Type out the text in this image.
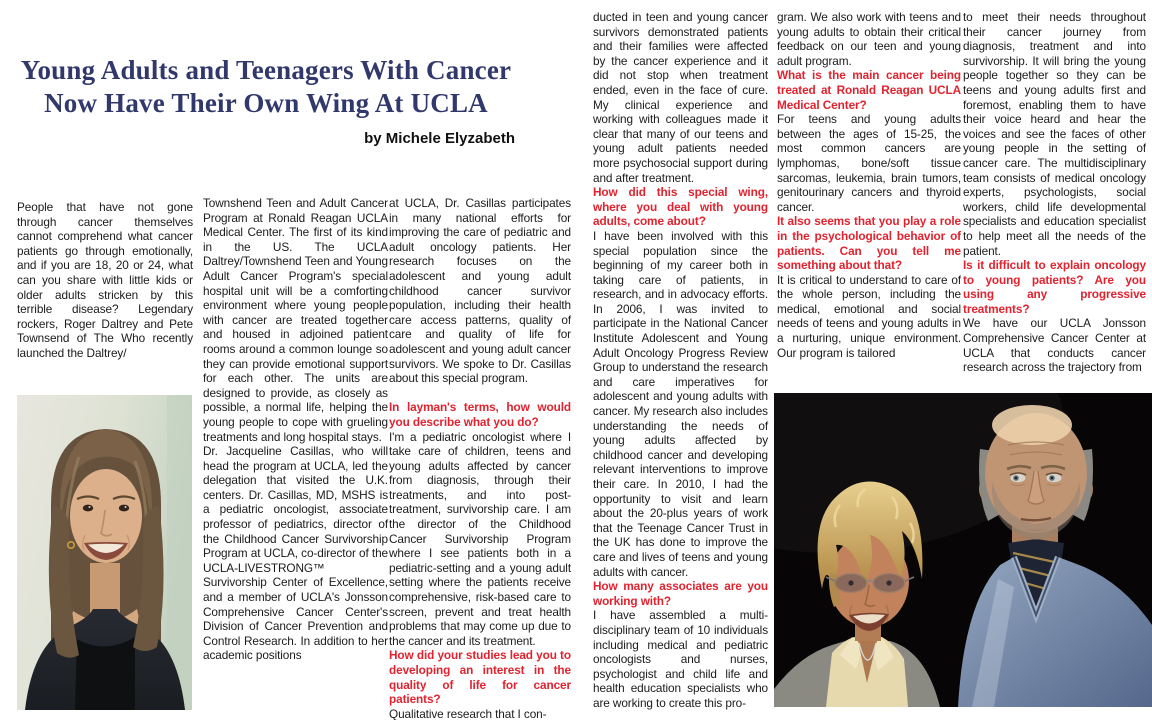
Young Adults and Teenagers With Cancer
Now Have Their Own Wing At UCLA
by Michele Elyzabeth

People that have not gone through cancer themselves cannot comprehend what cancer patients go through emotionally, and if you are 18, 20 or 24, what can you share with little kids or older adults stricken by this terrible disease? Legendary rockers, Roger Daltrey and Pete Townsend of The Who recently launched the Daltrey/

Townshend Teen and Adult Cancer Program at Ronald Reagan UCLA Medical Center. The first of its kind in the US. The UCLA Daltrey/Townshend Teen and Young Adult Cancer Program's special hospital unit will be a comforting environment where young people with cancer are treated together and housed in adjoined patient rooms around a common lounge so they can provide emotional support for each other. The units are designed to provide, as closely as possible, a normal life, helping the young people to cope with grueling treatments and long hospital stays.

Dr. Jacqueline Casillas, who will head the program at UCLA, led the delegation that visited the U.K. centers. Dr. Casillas, MD, MSHS is a pediatric oncologist, associate professor of pediatrics, director of the Childhood Cancer Survivorship Program at UCLA, co-director of the UCLA-LIVESTRONG™ Survivorship Center of Excellence, and a member of UCLA's Jonsson Comprehensive Cancer Center's Division of Cancer Prevention and Control Research. In addition to her academic positions

at UCLA, Dr. Casillas participates in many national efforts for improving the care of pediatric and adult oncology patients. Her research focuses on the adolescent and young adult childhood cancer survivor population, including their health care access patterns, quality of care and quality of life for adolescent and young adult cancer survivors. We spoke to Dr. Casillas about this special program.

In layman's terms, how would you describe what you do?

I'm a pediatric oncologist where I take care of children, teens and young adults affected by cancer from diagnosis, through their treatments, and into post-treatment, survivorship care. I am the director of the Childhood Cancer Survivorship Program where I see patients both in a pediatric-setting and a young adult setting where the patients receive comprehensive, risk-based care to screen, prevent and treat health problems that may come up due to the cancer and its treatment.

How did your studies lead you to developing an interest in the quality of life for cancer patients?

Qualitative research that I con-

ducted in teen and young cancer survivors demonstrated patients and their families were affected by the cancer experience and it did not stop when treatment ended, even in the face of cure. My clinical experience and working with colleagues made it clear that many of our teens and young adult patients needed more psychosocial support during and after treatment.

How did this special wing, where you deal with young adults, come about?

I have been involved with this special population since the beginning of my career both in taking care of patients, in research, and in advocacy efforts. In 2006, I was invited to participate in the National Cancer Institute Adolescent and Young Adult Oncology Progress Review Group to understand the research and care imperatives for adolescent and young adults with cancer. My research also includes understanding the needs of young adults affected by childhood cancer and developing relevant interventions to improve their care. In 2010, I had the opportunity to visit and learn about the 20-plus years of work that the Teenage Cancer Trust in the UK has done to improve the care and lives of teens and young adults with cancer.

How many associates are you working with?

I have assembled a multi-disciplinary team of 10 individuals including medical and pediatric oncologists and nurses, psychologist and child life and health education specialists who are working to create this pro-

gram. We also work with teens and young adults to obtain their critical feedback on our teen and young adult program.

What is the main cancer being treated at Ronald Reagan UCLA Medical Center?

For teens and young adults between the ages of 15-25, the most common cancers are lymphomas, bone/soft tissue sarcomas, leukemia, brain tumors, genitourinary cancers and thyroid cancer.

It also seems that you play a role in the psychological behavior of patients. Can you tell me something about that?

It is critical to understand to care of the whole person, including the medical, emotional and social needs of teens and young adults in a nurturing, unique environment. Our program is tailored

to meet their needs throughout their cancer journey from diagnosis, treatment and into survivorship. It will bring the young people together so they can be teens and young adults first and foremost, enabling them to have their voice heard and hear the voices and see the faces of other young people in the setting of cancer care. The multidisciplinary team consists of medical oncology experts, psychologists, social workers, child life developmental specialists and education specialist to help meet all the needs of the patient.

Is it difficult to explain oncology to young patients? Are you using any progressive treatments?

We have our UCLA Jonsson Comprehensive Cancer Center at UCLA that conducts cancer research across the trajectory from
